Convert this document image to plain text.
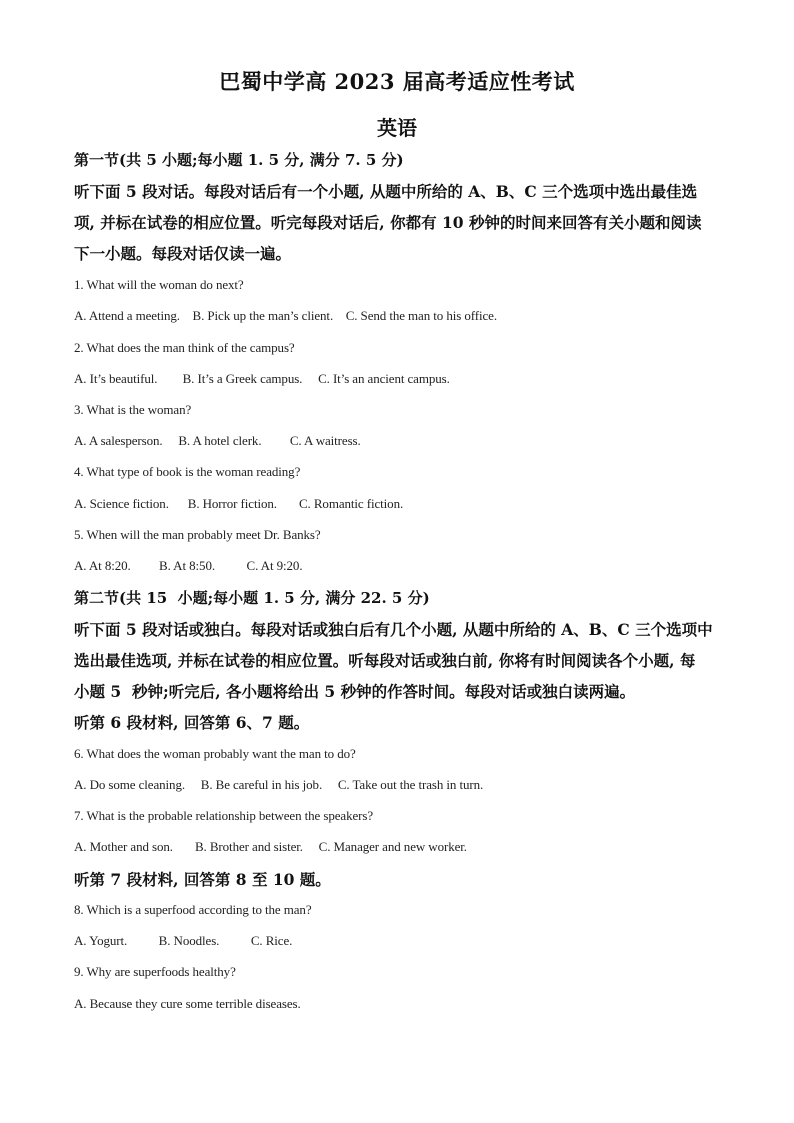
巴蜀中学高 2023 届高考适应性考试
英语
第一节(共 5 小题;每小题 1. 5 分, 满分 7. 5 分)
听下面 5 段对话。每段对话后有一个小题, 从题中所给的 A、B、C 三个选项中选出最佳选
项, 并标在试卷的相应位置。听完每段对话后, 你都有 10 秒钟的时间来回答有关小题和阅读
下一小题。每段对话仅读一遍。
1. What will the woman do next?
A. Attend a meeting.    B. Pick up the man’s client.    C. Send the man to his office.
2. What does the man think of the campus?
A. It’s beautiful.        B. It’s a Greek campus.     C. It’s an ancient campus.
3. What is the woman?
A. A salesperson.     B. A hotel clerk.         C. A waitress.
4. What type of book is the woman reading?
A. Science fiction.      B. Horror fiction.       C. Romantic fiction.
5. When will the man probably meet Dr. Banks?
A. At 8:20.         B. At 8:50.          C. At 9:20.
第二节(共 15  小题;每小题 1. 5 分, 满分 22. 5 分)
听下面 5 段对话或独白。每段对话或独白后有几个小题, 从题中所给的 A、B、C 三个选项中
选出最佳选项, 并标在试卷的相应位置。听每段对话或独白前, 你将有时间阅读各个小题, 每
小题 5  秒钟;听完后, 各小题将给出 5 秒钟的作答时间。每段对话或独白读两遍。
听第 6 段材料, 回答第 6、7 题。
6. What does the woman probably want the man to do?
A. Do some cleaning.     B. Be careful in his job.     C. Take out the trash in turn.
7. What is the probable relationship between the speakers?
A. Mother and son.       B. Brother and sister.     C. Manager and new worker.
听第 7 段材料, 回答第 8 至 10 题。
8. Which is a superfood according to the man?
A. Yogurt.          B. Noodles.          C. Rice.
9. Why are superfoods healthy?
A. Because they cure some terrible diseases.
